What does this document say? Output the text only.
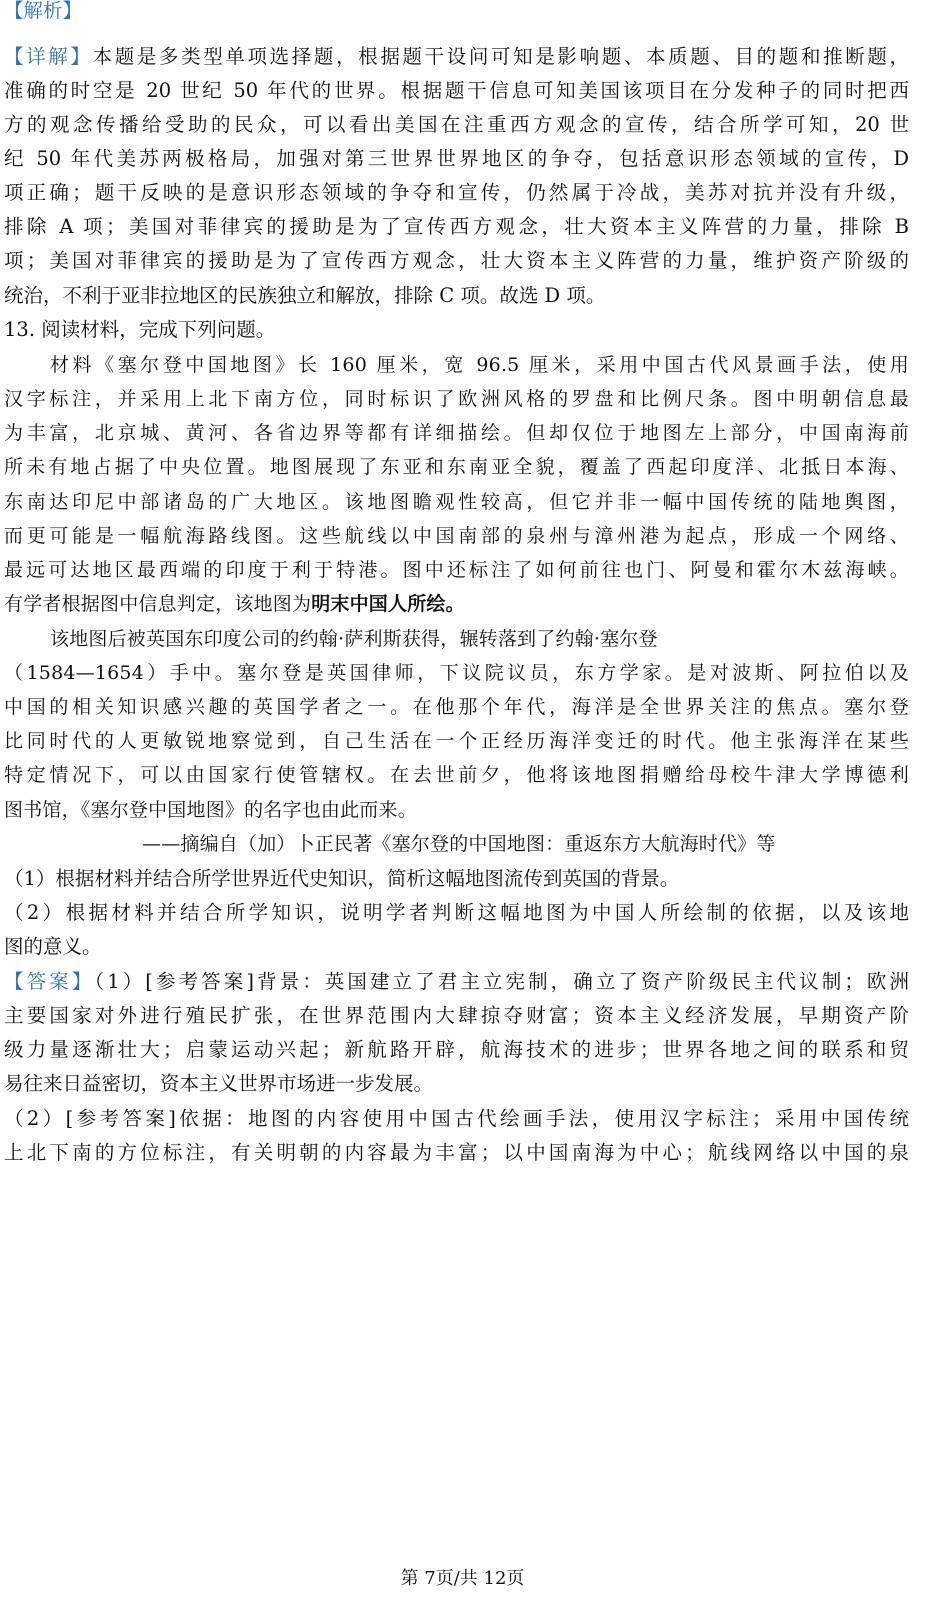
【解析】
【详解】本题是多类型单项选择题，根据题干设问可知是影响题、本质题、目的题和推断题，
准确的时空是 20 世纪 50 年代的世界。根据题干信息可知美国该项目在分发种子的同时把西
方的观念传播给受助的民众，可以看出美国在注重西方观念的宣传，结合所学可知，20 世
纪 50 年代美苏两极格局，加强对第三世界世界地区的争夺，包括意识形态领域的宣传，D
项正确；题干反映的是意识形态领域的争夺和宣传，仍然属于冷战，美苏对抗并没有升级，
排除 A 项；美国对菲律宾的援助是为了宣传西方观念，壮大资本主义阵营的力量，排除 B
项；美国对菲律宾的援助是为了宣传西方观念，壮大资本主义阵营的力量，维护资产阶级的
统治，不利于亚非拉地区的民族独立和解放，排除 C 项。故选 D 项。
13. 阅读材料，完成下列问题。
材料《塞尔登中国地图》长 160 厘米，宽 96.5 厘米，采用中国古代风景画手法，使用
汉字标注，并采用上北下南方位，同时标识了欧洲风格的罗盘和比例尺条。图中明朝信息最
为丰富，北京城、黄河、各省边界等都有详细描绘。但却仅位于地图左上部分，中国南海前
所未有地占据了中央位置。地图展现了东亚和东南亚全貌，覆盖了西起印度洋、北抵日本海、
东南达印尼中部诸岛的广大地区。该地图瞻观性较高，但它并非一幅中国传统的陆地舆图，
而更可能是一幅航海路线图。这些航线以中国南部的泉州与漳州港为起点，形成一个网络、
最远可达地区最西端的印度于利于特港。图中还标注了如何前往也门、阿曼和霍尔木兹海峡。
有学者根据图中信息判定，该地图为明末中国人所绘。
该地图后被英国东印度公司的约翰·萨利斯获得，辗转落到了约翰·塞尔登
（1584—1654）手中。塞尔登是英国律师，下议院议员，东方学家。是对波斯、阿拉伯以及
中国的相关知识感兴趣的英国学者之一。在他那个年代，海洋是全世界关注的焦点。塞尔登
比同时代的人更敏锐地察觉到，自己生活在一个正经历海洋变迁的时代。他主张海洋在某些
特定情况下，可以由国家行使管辖权。在去世前夕，他将该地图捐赠给母校牛津大学博德利
图书馆，《塞尔登中国地图》的名字也由此而来。
——摘编自（加）卜正民著《塞尔登的中国地图：重返东方大航海时代》等
（1）根据材料并结合所学世界近代史知识，简析这幅地图流传到英国的背景。
（2）根据材料并结合所学知识，说明学者判断这幅地图为中国人所绘制的依据，以及该地
图的意义。
【答案】（1）[参考答案]背景：英国建立了君主立宪制，确立了资产阶级民主代议制；欧洲
主要国家对外进行殖民扩张，在世界范围内大肆掠夺财富；资本主义经济发展，早期资产阶
级力量逐渐壮大；启蒙运动兴起；新航路开辟，航海技术的进步；世界各地之间的联系和贸
易往来日益密切，资本主义世界市场进一步发展。
（2）[参考答案]依据：地图的内容使用中国古代绘画手法，使用汉字标注；采用中国传统
上北下南的方位标注，有关明朝的内容最为丰富；以中国南海为中心；航线网络以中国的泉
第 7页/共 12页
